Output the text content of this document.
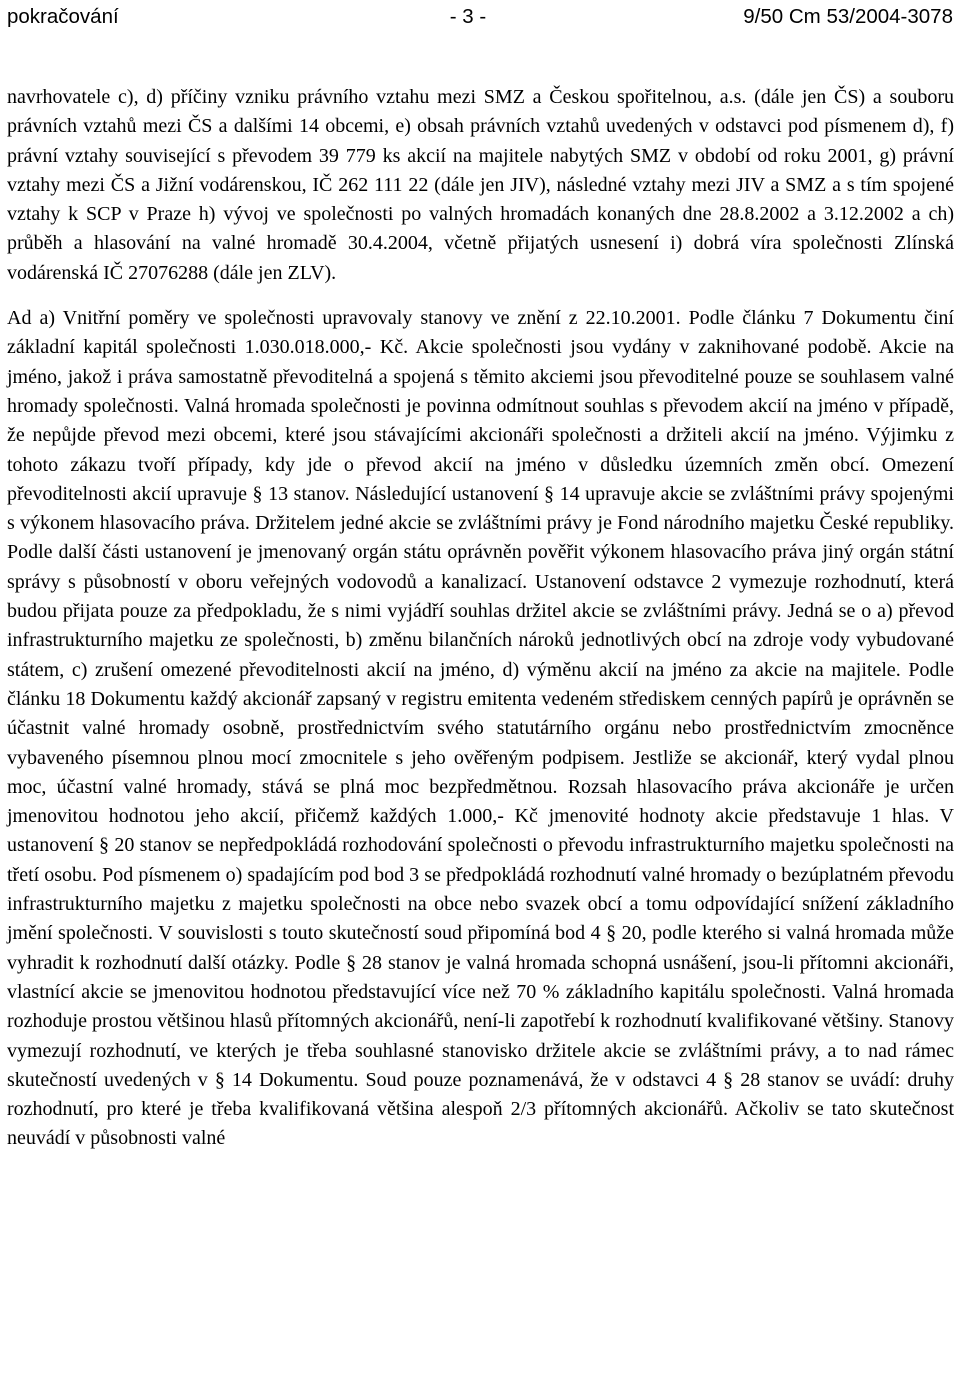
pokračování	- 3 -	9/50 Cm 53/2004-3078

navrhovatele c), d) příčiny vzniku právního vztahu mezi SMZ a Českou spořitelnou, a.s. (dále jen ČS) a souboru právních vztahů mezi ČS a dalšími 14 obcemi, e) obsah právních vztahů uvedených v odstavci pod písmenem d), f) právní vztahy související s převodem 39 779 ks akcií na majitele nabytých SMZ v období od roku 2001, g) právní vztahy mezi ČS a Jižní vodárenskou, IČ 262 111 22 (dále jen JIV), následné vztahy mezi JIV a SMZ a s tím spojené vztahy k SCP v Praze h) vývoj ve společnosti po valných hromadách konaných dne 28.8.2002 a 3.12.2002 a ch) průběh a hlasování na valné hromadě 30.4.2004, včetně přijatých usnesení i) dobrá víra společnosti Zlínská vodárenská IČ 27076288 (dále jen ZLV).

Ad a) Vnitřní poměry ve společnosti upravovaly stanovy ve znění z 22.10.2001. Podle článku 7 Dokumentu činí základní kapitál společnosti 1.030.018.000,- Kč. Akcie společnosti jsou vydány v zaknihované podobě. Akcie na jméno, jakož i práva samostatně převoditelná a spojená s těmito akciemi jsou převoditelné pouze se souhlasem valné hromady společnosti. Valná hromada společnosti je povinna odmítnout souhlas s převodem akcií na jméno v případě, že nepůjde převod mezi obcemi, které jsou stávajícími akcionáři společnosti a držiteli akcií na jméno. Výjimku z tohoto zákazu tvoří případy, kdy jde o převod akcií na jméno v důsledku územních změn obcí. Omezení převoditelnosti akcií upravuje § 13 stanov. Následující ustanovení § 14 upravuje akcie se zvláštními právy spojenými s výkonem hlasovacího práva. Držitelem jedné akcie se zvláštními právy je Fond národního majetku České republiky. Podle další části ustanovení je jmenovaný orgán státu oprávněn pověřit výkonem hlasovacího práva jiný orgán státní správy s působností v oboru veřejných vodovodů a kanalizací. Ustanovení odstavce 2 vymezuje rozhodnutí, která budou přijata pouze za předpokladu, že s nimi vyjádří souhlas držitel akcie se zvláštními právy. Jedná se o a) převod infrastrukturního majetku ze společnosti, b) změnu bilančních nároků jednotlivých obcí na zdroje vody vybudované státem, c) zrušení omezené převoditelnosti akcií na jméno, d) výměnu akcií na jméno za akcie na majitele. Podle článku 18 Dokumentu každý akcionář zapsaný v registru emitenta vedeném střediskem cenných papírů je oprávněn se účastnit valné hromady osobně, prostřednictvím svého statutárního orgánu nebo prostřednictvím zmocněnce vybaveného písemnou plnou mocí zmocnitele s jeho ověřeným podpisem. Jestliže se akcionář, který vydal plnou moc, účastní valné hromady, stává se plná moc bezpředmětnou. Rozsah hlasovacího práva akcionáře je určen jmenovitou hodnotou jeho akcií, přičemž každých 1.000,- Kč jmenovité hodnoty akcie představuje 1 hlas. V ustanovení § 20 stanov se nepředpokládá rozhodování společnosti o převodu infrastrukturního majetku společnosti na třetí osobu. Pod písmenem o) spadajícím pod bod 3 se předpokládá rozhodnutí valné hromady o bezúplatném převodu infrastrukturního majetku z majetku společnosti na obce nebo svazek obcí a tomu odpovídající snížení základního jmění společnosti. V souvislosti s touto skutečností soud připomíná bod 4 § 20, podle kterého si valná hromada může vyhradit k rozhodnutí další otázky. Podle § 28 stanov je valná hromada schopná usnášení, jsou-li přítomni akcionáři, vlastnící akcie se jmenovitou hodnotou představující více než 70 % základního kapitálu společnosti. Valná hromada rozhoduje prostou většinou hlasů přítomných akcionářů, není-li zapotřebí k rozhodnutí kvalifikované většiny. Stanovy vymezují rozhodnutí, ve kterých je třeba souhlasné stanovisko držitele akcie se zvláštními právy, a to nad rámec skutečností uvedených v § 14 Dokumentu. Soud pouze poznamenává, že v odstavci 4 § 28 stanov se uvádí: druhy rozhodnutí, pro které je třeba kvalifikovaná většina alespoň 2/3 přítomných akcionářů. Ačkoliv se tato skutečnost neuvádí v působnosti valné
